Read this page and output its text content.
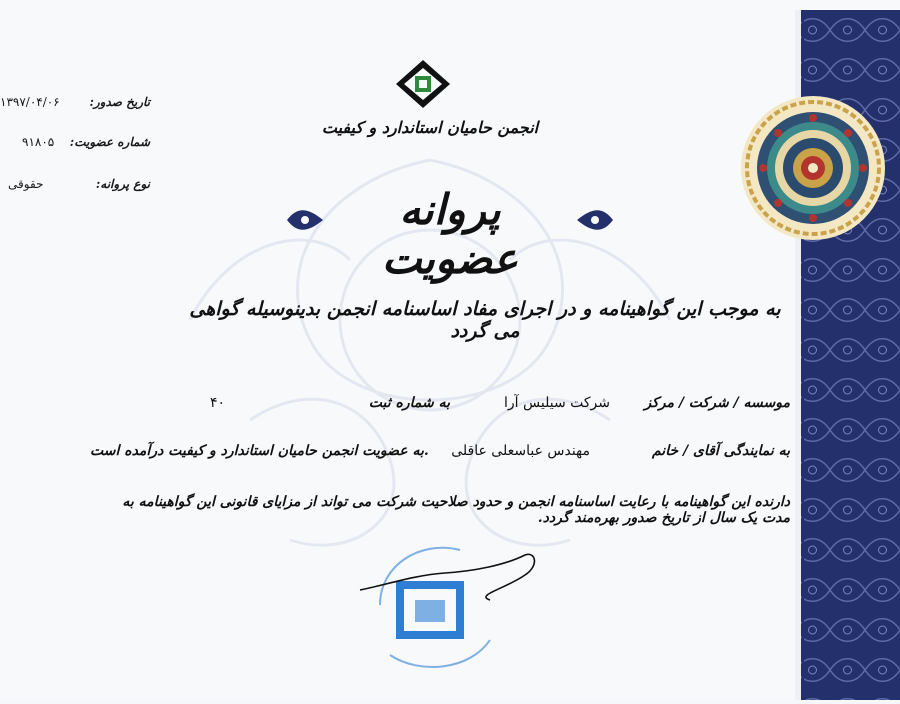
تاریخ صدور:
۱۳۹۷/۰۴/۰۶
شماره عضویت:
۹۱۸۰۵
نوع پروانه:
حقوقی
انجمن حامیان استاندارد و کیفیت
پروانه عضویت
به موجب این گواهینامه و در اجرای مفاد اساسنامه انجمن بدینوسیله گواهی می گردد
موسسه / شرکت / مرکز
شرکت سیلیس آرا
به شماره ثبت
۴۰
به نمایندگی آقای / خانم
مهندس عباسعلی عاقلی
به عضویت انجمن حامیان استاندارد و کیفیت درآمده است.
دارنده این گواهینامه با رعایت اساسنامه انجمن و حدود صلاحیت شرکت می تواند از مزایای قانونی این گواهینامه به مدت یک سال از تاریخ صدور بهره‌مند گردد.
